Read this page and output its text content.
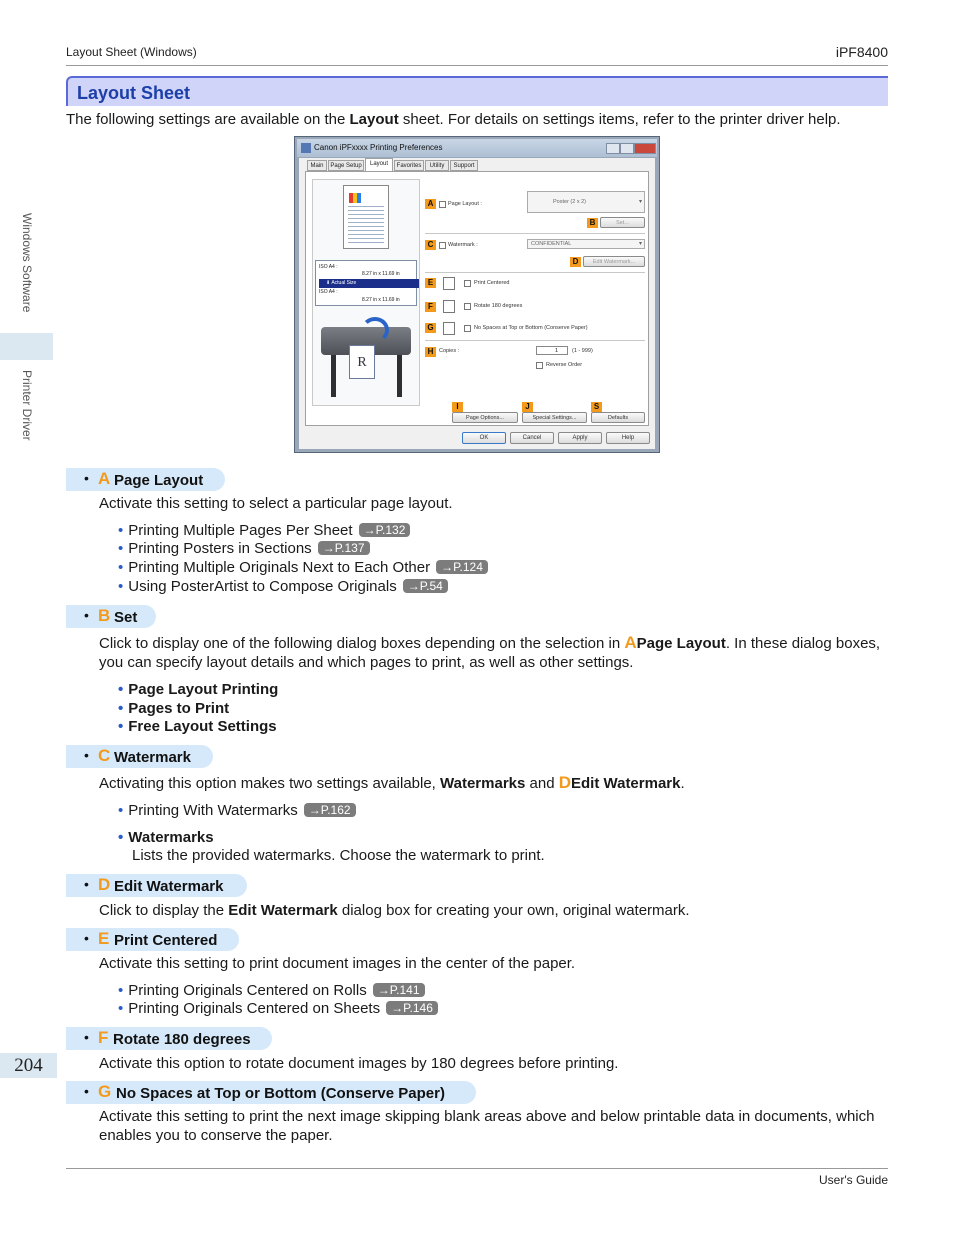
Layout Sheet (Windows)	iPF8400
Windows Software
Printer Driver
204
Layout Sheet
The following settings are available on the Layout sheet. For details on settings items, refer to the printer driver help.
Canon iPFxxxx Printing Preferences
Main	Page Setup	Layout	Favorites	Utility	Support
ISO A4 :
8.27 in x 11.69 in
⬇ Actual Size
ISO A4 :
8.27 in x 11.69 in
R
A	Page Layout :	Poster (2 x 2) ▾
B	Set...
C	Watermark :	CONFIDENTIAL ▾
D	Edit Watermark...
E	Print Centered
F	Rotate 180 degrees
G	No Spaces at Top or Bottom (Conserve Paper)
H	Copies :	1	(1 - 999)
Reverse Order
I	J	S
Page Options...	Special Settings...	Defaults
OK	Cancel	Apply	Help
• A Page Layout
Activate this setting to select a particular page layout.
• Printing Multiple Pages Per Sheet →P.132
• Printing Posters in Sections →P.137
• Printing Multiple Originals Next to Each Other →P.124
• Using PosterArtist to Compose Originals →P.54
• B Set
Click to display one of the following dialog boxes depending on the selection in APage Layout. In these dialog boxes, you can specify layout details and which pages to print, as well as other settings.
• Page Layout Printing
• Pages to Print
• Free Layout Settings
• C Watermark
Activating this option makes two settings available, Watermarks and DEdit Watermark.
• Printing With Watermarks →P.162
• Watermarks
Lists the provided watermarks. Choose the watermark to print.
• D Edit Watermark
Click to display the Edit Watermark dialog box for creating your own, original watermark.
• E Print Centered
Activate this setting to print document images in the center of the paper.
• Printing Originals Centered on Rolls →P.141
• Printing Originals Centered on Sheets →P.146
• F Rotate 180 degrees
Activate this option to rotate document images by 180 degrees before printing.
• G No Spaces at Top or Bottom (Conserve Paper)
Activate this setting to print the next image skipping blank areas above and below printable data in documents, which enables you to conserve the paper.
User's Guide
